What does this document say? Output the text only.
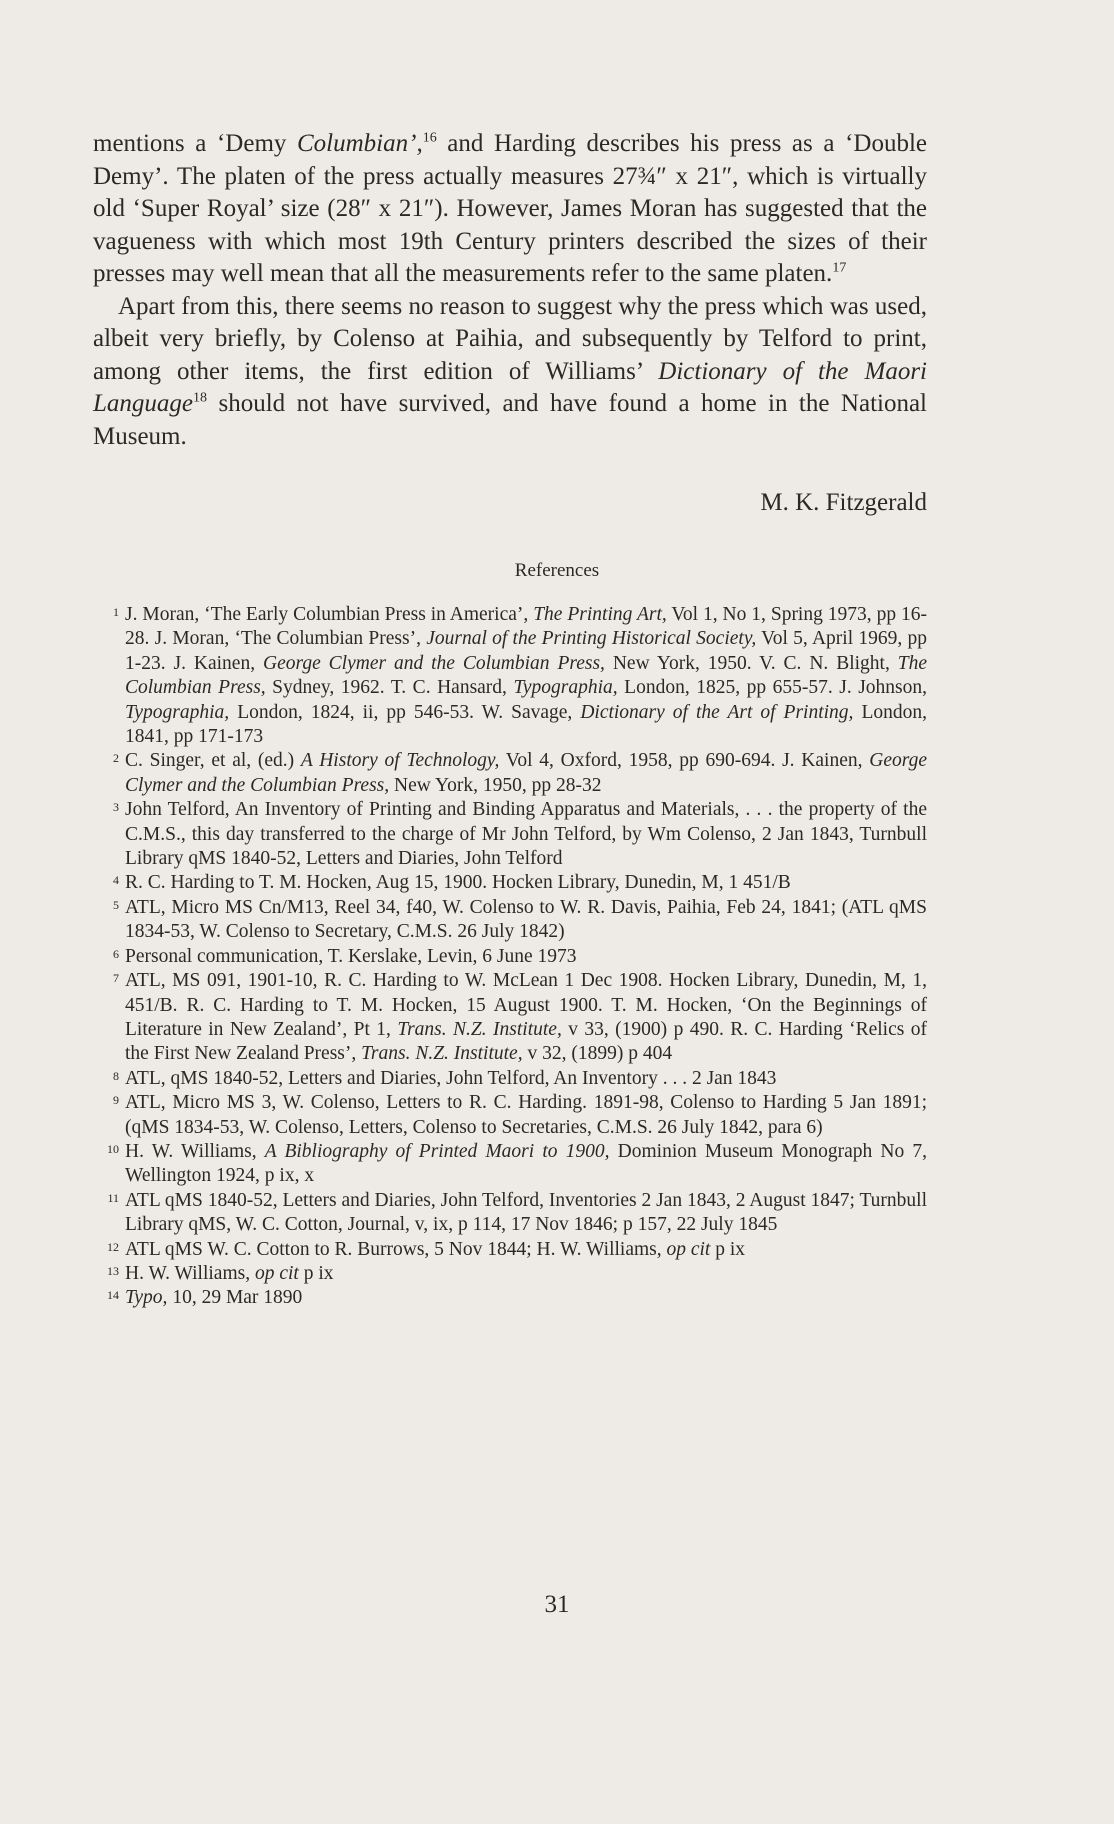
mentions a ‘Demy Columbian’,$^{16}$ and Harding describes his press as a ‘Double Demy’. The platen of the press actually measures 27¾″ x 21″, which is virtually old ‘Super Royal’ size (28″ x 21″). However, James Moran has suggested that the vagueness with which most 19th Century printers described the sizes of their presses may well mean that all the measurements refer to the same platen.$^{17}$

Apart from this, there seems no reason to suggest why the press which was used, albeit very briefly, by Colenso at Paihia, and subsequently by Telford to print, among other items, the first edition of Williams’ Dictionary of the Maori Language$^{18}$ should not have survived, and have found a home in the National Museum.

M. K. Fitzgerald
References
1 J. Moran, ‘The Early Columbian Press in America’, The Printing Art, Vol 1, No 1, Spring 1973, pp 16-28. J. Moran, ‘The Columbian Press’, Journal of the Printing Historical Society, Vol 5, April 1969, pp 1-23. J. Kainen, George Clymer and the Columbian Press, New York, 1950. V. C. N. Blight, The Columbian Press, Sydney, 1962. T. C. Hansard, Typographia, London, 1825, pp 655-57. J. Johnson, Typographia, London, 1824, ii, pp 546-53. W. Savage, Dictionary of the Art of Printing, London, 1841, pp 171-173
2 C. Singer, et al, (ed.) A History of Technology, Vol 4, Oxford, 1958, pp 690-694. J. Kainen, George Clymer and the Columbian Press, New York, 1950, pp 28-32
3 John Telford, An Inventory of Printing and Binding Apparatus and Materials, . . . the property of the C.M.S., this day transferred to the charge of Mr John Telford, by Wm Colenso, 2 Jan 1843, Turnbull Library qMS 1840-52, Letters and Diaries, John Telford
4 R. C. Harding to T. M. Hocken, Aug 15, 1900. Hocken Library, Dunedin, M, 1 451/B
5 ATL, Micro MS Cn/M13, Reel 34, f40, W. Colenso to W. R. Davis, Paihia, Feb 24, 1841; (ATL qMS 1834-53, W. Colenso to Secretary, C.M.S. 26 July 1842)
6 Personal communication, T. Kerslake, Levin, 6 June 1973
7 ATL, MS 091, 1901-10, R. C. Harding to W. McLean 1 Dec 1908. Hocken Library, Dunedin, M, 1, 451/B. R. C. Harding to T. M. Hocken, 15 August 1900. T. M. Hocken, ‘On the Beginnings of Literature in New Zealand’, Pt 1, Trans. N.Z. Institute, v 33, (1900) p 490. R. C. Harding ‘Relics of the First New Zealand Press’, Trans. N.Z. Institute, v 32, (1899) p 404
8 ATL, qMS 1840-52, Letters and Diaries, John Telford, An Inventory . . . 2 Jan 1843
9 ATL, Micro MS 3, W. Colenso, Letters to R. C. Harding. 1891-98, Colenso to Harding 5 Jan 1891; (qMS 1834-53, W. Colenso, Letters, Colenso to Secretaries, C.M.S. 26 July 1842, para 6)
10 H. W. Williams, A Bibliography of Printed Maori to 1900, Dominion Museum Monograph No 7, Wellington 1924, p ix, x
11 ATL qMS 1840-52, Letters and Diaries, John Telford, Inventories 2 Jan 1843, 2 August 1847; Turnbull Library qMS, W. C. Cotton, Journal, v, ix, p 114, 17 Nov 1846; p 157, 22 July 1845
12 ATL qMS W. C. Cotton to R. Burrows, 5 Nov 1844; H. W. Williams, op cit p ix
13 H. W. Williams, op cit p ix
14 Typo, 10, 29 Mar 1890
31
